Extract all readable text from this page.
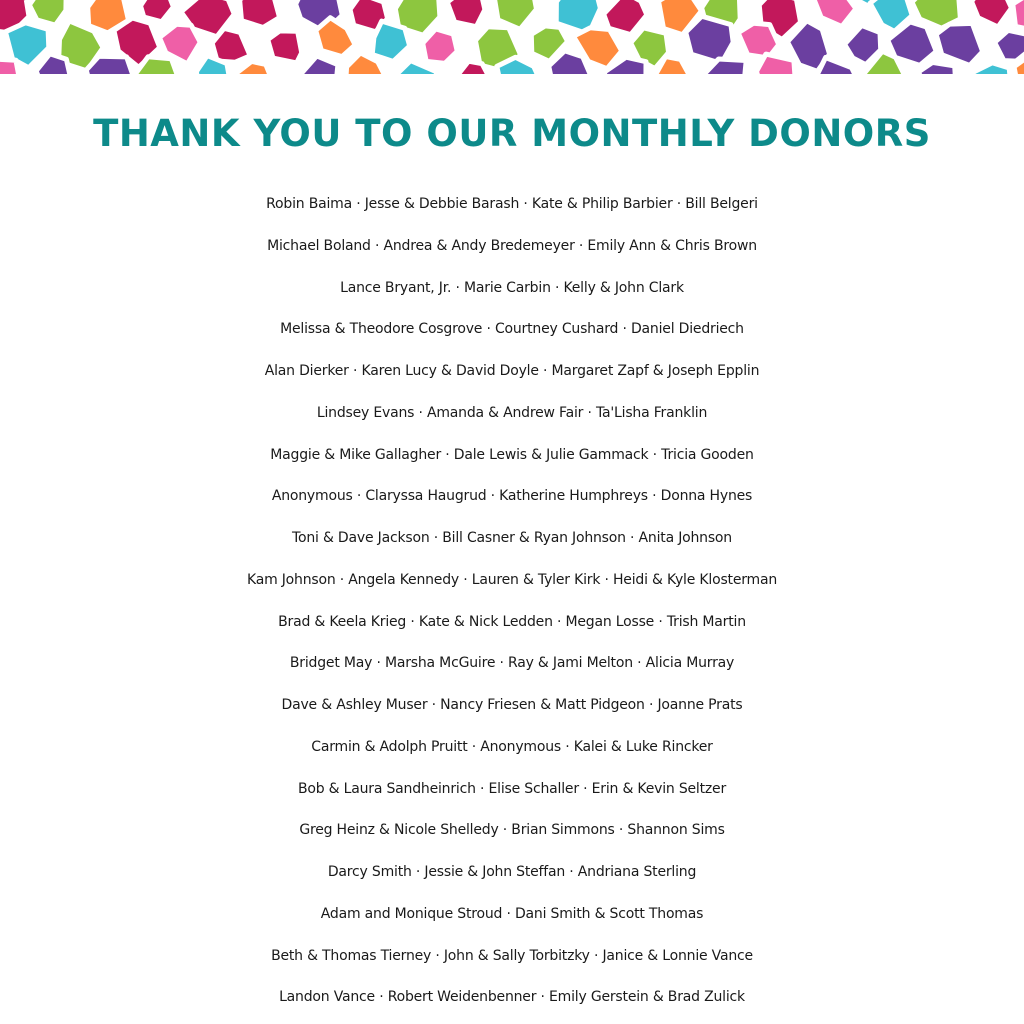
THANK YOU TO OUR MONTHLY DONORS
Robin Baima · Jesse & Debbie Barash · Kate & Philip Barbier · Bill Belgeri
Michael Boland · Andrea & Andy Bredemeyer · Emily Ann & Chris Brown
Lance Bryant, Jr. · Marie Carbin · Kelly & John Clark
Melissa & Theodore Cosgrove · Courtney Cushard · Daniel Diedriech
Alan Dierker · Karen Lucy & David Doyle · Margaret Zapf & Joseph Epplin
Lindsey Evans · Amanda & Andrew Fair · Ta'Lisha Franklin
Maggie & Mike Gallagher · Dale Lewis & Julie Gammack · Tricia Gooden
Anonymous · Claryssa Haugrud · Katherine Humphreys · Donna Hynes
Toni & Dave Jackson · Bill Casner & Ryan Johnson · Anita Johnson
Kam Johnson · Angela Kennedy · Lauren & Tyler Kirk · Heidi & Kyle Klosterman
Brad & Keela Krieg · Kate & Nick Ledden · Megan Losse · Trish Martin
Bridget May · Marsha McGuire · Ray & Jami Melton · Alicia Murray
Dave & Ashley Muser · Nancy Friesen & Matt Pidgeon · Joanne Prats
Carmin & Adolph Pruitt · Anonymous · Kalei & Luke Rincker
Bob & Laura Sandheinrich · Elise Schaller · Erin & Kevin Seltzer
Greg Heinz & Nicole Shelledy · Brian Simmons · Shannon Sims
Darcy Smith · Jessie & John Steffan · Andriana Sterling
Adam and Monique Stroud · Dani Smith & Scott Thomas
Beth & Thomas Tierney · John & Sally Torbitzky · Janice & Lonnie Vance
Landon Vance · Robert Weidenbenner · Emily Gerstein & Brad Zulick
